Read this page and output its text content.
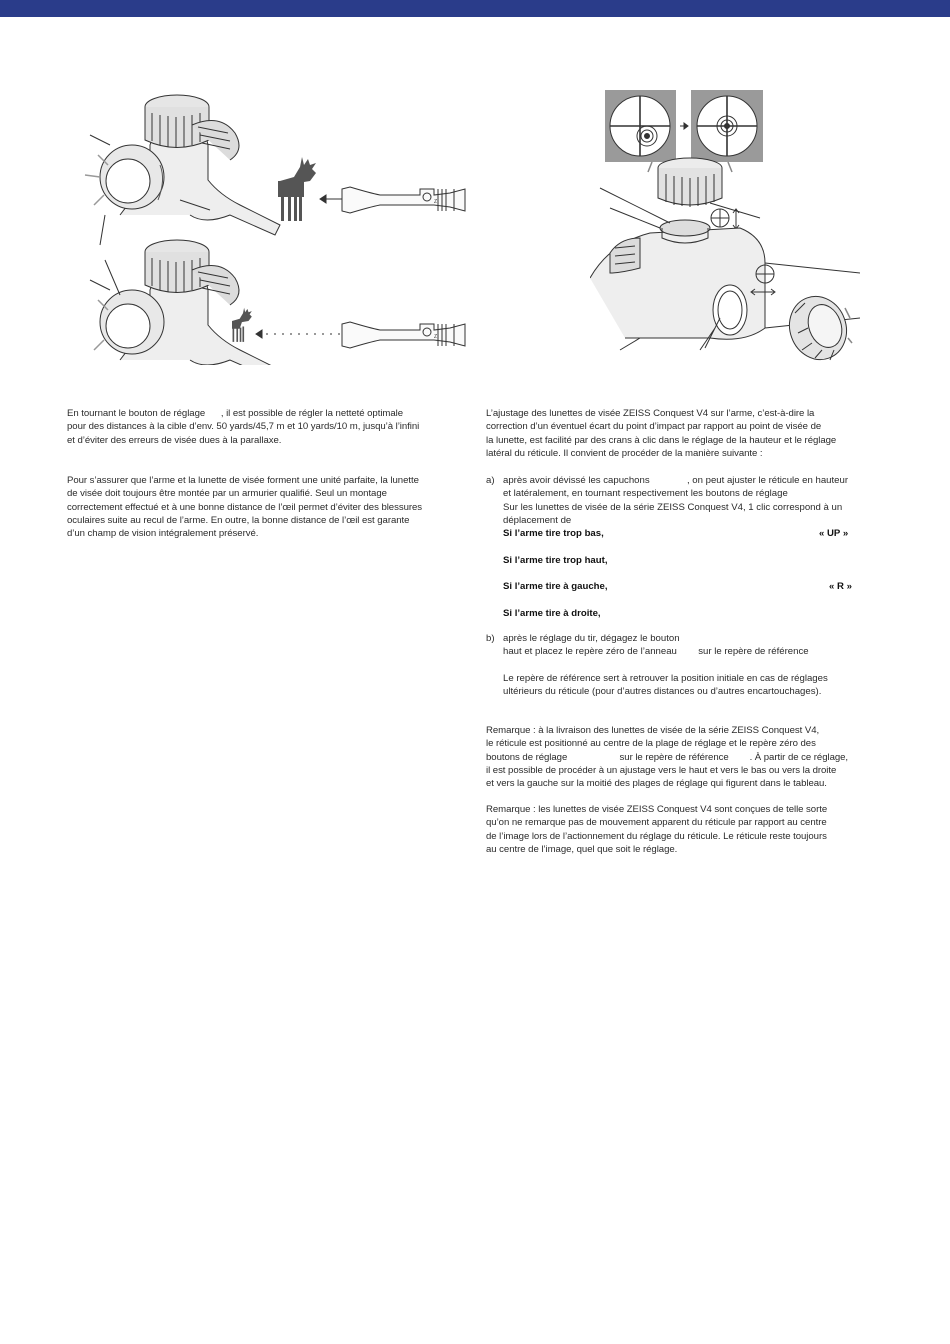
Z
Z
En tournant le bouton de réglage      , il est possible de régler la netteté optimale
pour des distances à la cible d’env. 50 yards/45,7 m et 10 yards/10 m, jusqu’à l’infini
et d’éviter des erreurs de visée dues à la parallaxe.
Pour s’assurer que l’arme et la lunette de visée forment une unité parfaite, la lunette
de visée doit toujours être montée par un armurier qualifié. Seul un montage
correctement effectué et à une bonne distance de l’œil permet d’éviter des blessures
oculaires suite au recul de l’arme. En outre, la bonne distance de l’œil est garante
d’un champ de vision intégralement préservé.
L’ajustage des lunettes de visée ZEISS Conquest V4 sur l’arme, c’est-à-dire la
correction d’un éventuel écart du point d’impact par rapport au point de visée de
la lunette, est facilité par des crans à clic dans le réglage de la hauteur et le réglage
latéral du réticule. Il convient de procéder de la manière suivante :
a) après avoir dévissé les capuchons              , on peut ajuster le réticule en hauteur
et latéralement, en tournant respectivement les boutons de réglage
Sur les lunettes de visée de la série ZEISS Conquest V4, 1 clic correspond à un
déplacement de
Si l’arme tire trop bas,	« UP »
Si l’arme tire trop haut,
Si l’arme tire à gauche,	« R »
Si l’arme tire à droite,
b) après le réglage du tir, dégagez le bouton
haut et placez le repère zéro de l’anneau        sur le repère de référence
Le repère de référence sert à retrouver la position initiale en cas de réglages
ultérieurs du réticule (pour d’autres distances ou d’autres encartouchages).
Remarque : à la livraison des lunettes de visée de la série ZEISS Conquest V4,
le réticule est positionné au centre de la plage de réglage et le repère zéro des
boutons de réglage                    sur le repère de référence        . À partir de ce réglage,
il est possible de procéder à un ajustage vers le haut et vers le bas ou vers la droite
et vers la gauche sur la moitié des plages de réglage qui figurent dans le tableau.
Remarque : les lunettes de visée ZEISS Conquest V4 sont conçues de telle sorte
qu’on ne remarque pas de mouvement apparent du réticule par rapport au centre
de l’image lors de l’actionnement du réglage du réticule. Le réticule reste toujours
au centre de l’image, quel que soit le réglage.
